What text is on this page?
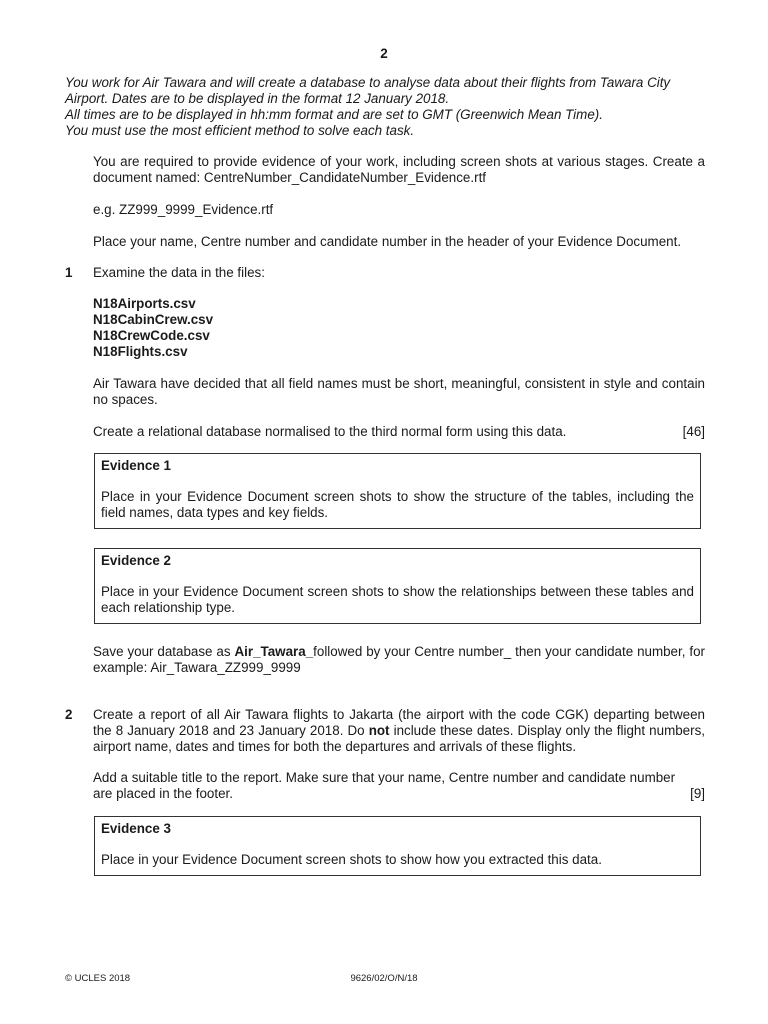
2
You work for Air Tawara and will create a database to analyse data about their flights from Tawara City
Airport. Dates are to be displayed in the format 12 January 2018.
All times are to be displayed in hh:mm format and are set to GMT (Greenwich Mean Time).
You must use the most efficient method to solve each task.
You are required to provide evidence of your work, including screen shots at various stages. Create a document named: CentreNumber_CandidateNumber_Evidence.rtf
e.g. ZZ999_9999_Evidence.rtf
Place your name, Centre number and candidate number in the header of your Evidence Document.
1 Examine the data in the files:
N18Airports.csv
N18CabinCrew.csv
N18CrewCode.csv
N18Flights.csv
Air Tawara have decided that all field names must be short, meaningful, consistent in style and contain no spaces.
Create a relational database normalised to the third normal form using this data.	[46]
Evidence 1
Place in your Evidence Document screen shots to show the structure of the tables, including the field names, data types and key fields.
Evidence 2
Place in your Evidence Document screen shots to show the relationships between these tables and each relationship type.
Save your database as Air_Tawara_followed by your Centre number_ then your candidate number, for example: Air_Tawara_ZZ999_9999
2 Create a report of all Air Tawara flights to Jakarta (the airport with the code CGK) departing between the 8 January 2018 and 23 January 2018. Do not include these dates. Display only the flight numbers, airport name, dates and times for both the departures and arrivals of these flights.
Add a suitable title to the report. Make sure that your name, Centre number and candidate number
are placed in the footer.	[9]
Evidence 3
Place in your Evidence Document screen shots to show how you extracted this data.
© UCLES 2018	9626/02/O/N/18
